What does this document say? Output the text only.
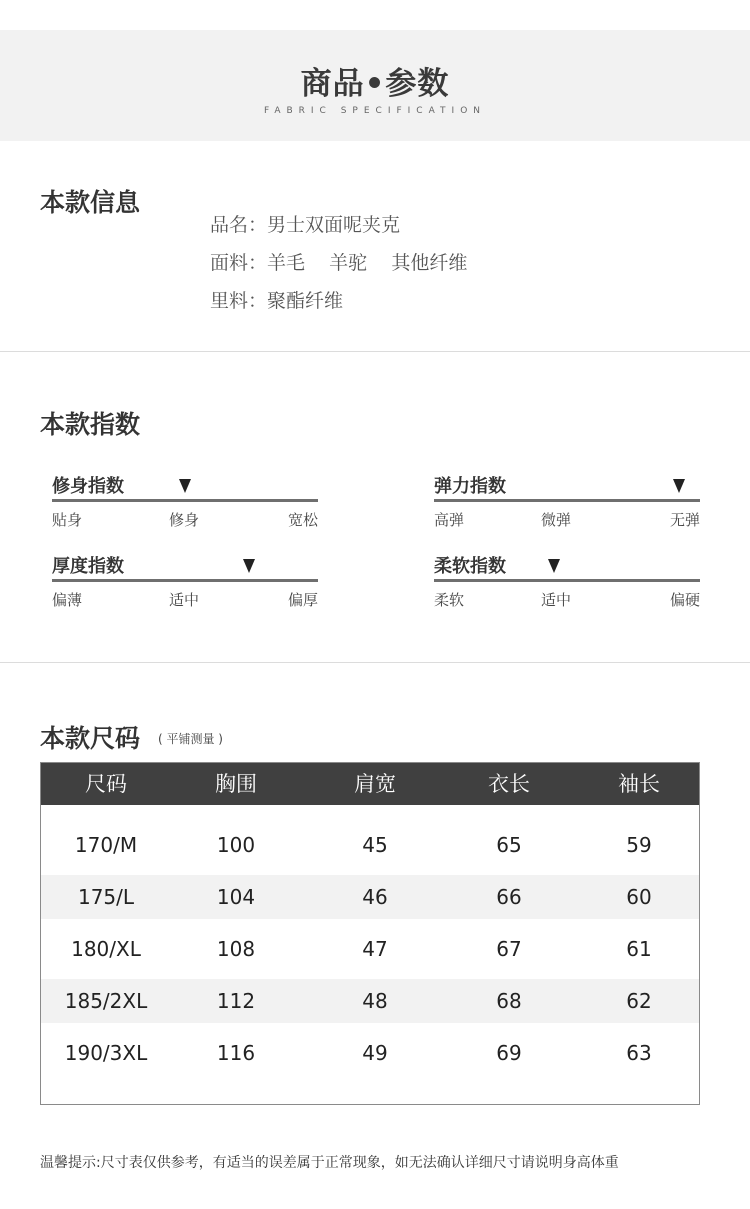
商品•参数
FABRIC SPECIFICATION
本款信息
品名：男士双面呢夹克
面料：羊毛    羊驼    其他纤维
里料：聚酯纤维
本款指数
修身指数
贴身	修身	宽松
弹力指数
高弹	微弹	无弹
厚度指数
偏薄	适中	偏厚
柔软指数
柔软	适中	偏硬
本款尺码 ( 平铺测量 )
尺码	胸围	肩宽	衣长	袖长
170/M	100	45	65	59
175/L	104	46	66	60
180/XL	108	47	67	61
185/2XL	112	48	68	62
190/3XL	116	49	69	63
温馨提示:尺寸表仅供参考，有适当的误差属于正常现象，如无法确认详细尺寸请说明身高体重
